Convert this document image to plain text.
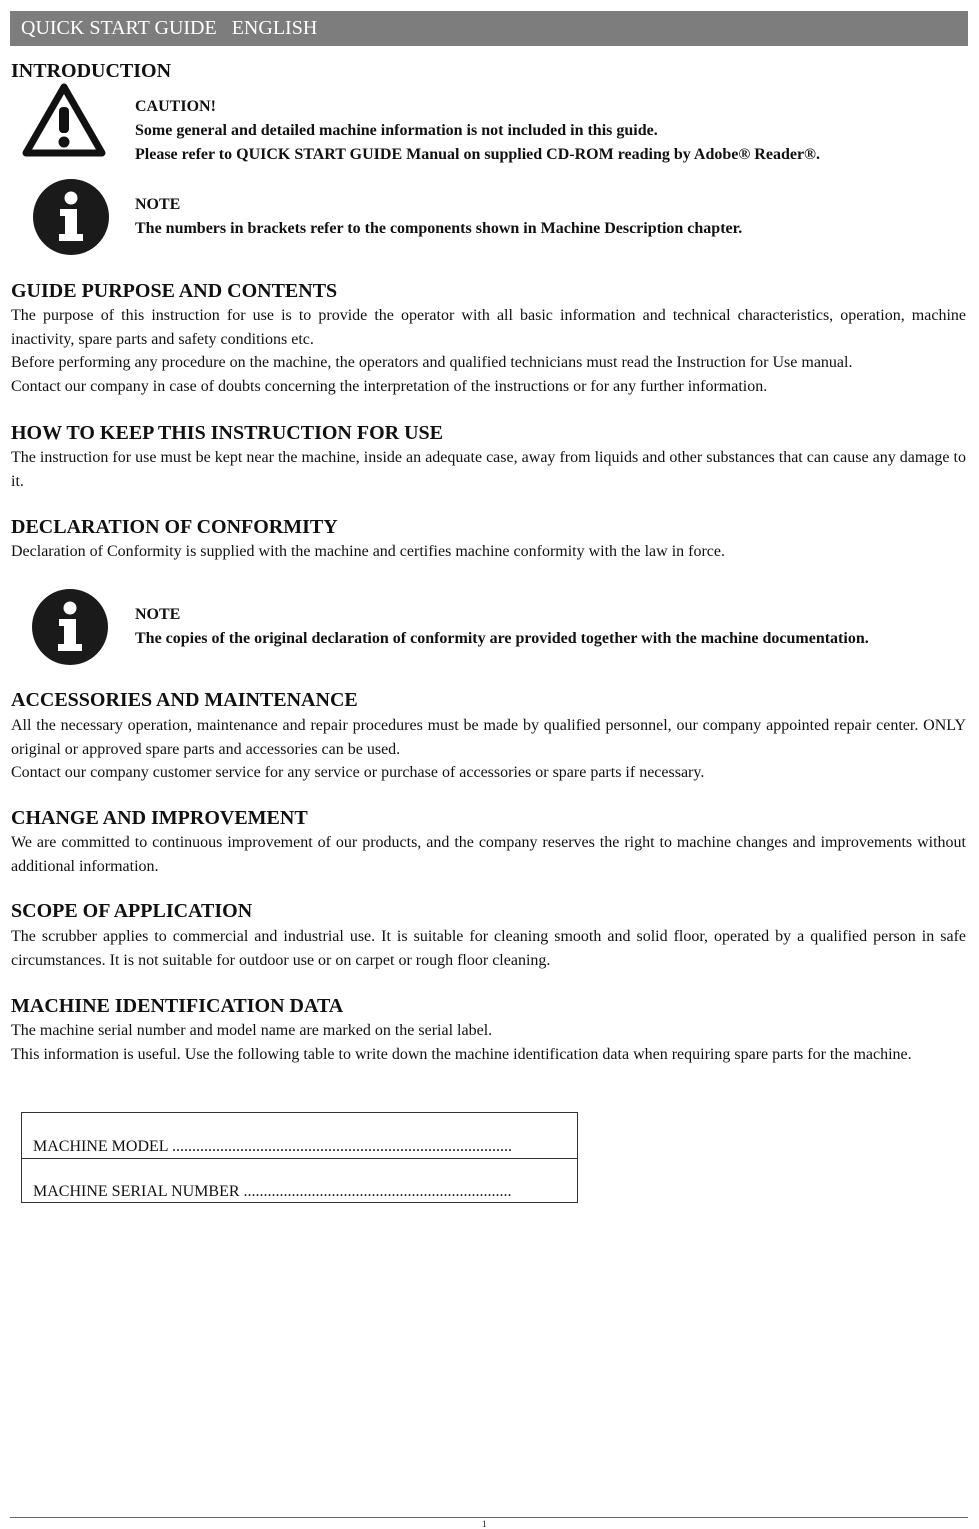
QUICK START GUIDE ENGLISH
INTRODUCTION
CAUTION!
Some general and detailed machine information is not included in this guide.
Please refer to QUICK START GUIDE Manual on supplied CD-ROM reading by Adobe® Reader®.
NOTE
The numbers in brackets refer to the components shown in Machine Description chapter.
GUIDE PURPOSE AND CONTENTS
The purpose of this instruction for use is to provide the operator with all basic information and technical characteristics, operation, machine inactivity, spare parts and safety conditions etc.
Before performing any procedure on the machine, the operators and qualified technicians must read the Instruction for Use manual.
Contact our company in case of doubts concerning the interpretation of the instructions or for any further information.
HOW TO KEEP THIS INSTRUCTION FOR USE
The instruction for use must be kept near the machine, inside an adequate case, away from liquids and other substances that can cause any damage to it.
DECLARATION OF CONFORMITY
Declaration of Conformity is supplied with the machine and certifies machine conformity with the law in force.
NOTE
The copies of the original declaration of conformity are provided together with the machine documentation.
ACCESSORIES AND MAINTENANCE
All the necessary operation, maintenance and repair procedures must be made by qualified personnel, our company appointed repair center. ONLY original or approved spare parts and accessories can be used.
Contact our company customer service for any service or purchase of accessories or spare parts if necessary.
CHANGE AND IMPROVEMENT
We are committed to continuous improvement of our products, and the company reserves the right to machine changes and improvements without additional information.
SCOPE OF APPLICATION
The scrubber applies to commercial and industrial use. It is suitable for cleaning smooth and solid floor, operated by a qualified person in safe circumstances. It is not suitable for outdoor use or on carpet or rough floor cleaning.
MACHINE IDENTIFICATION DATA
The machine serial number and model name are marked on the serial label.
This information is useful. Use the following table to write down the machine identification data when requiring spare parts for the machine.
MACHINE MODEL .....................................................................................
MACHINE SERIAL NUMBER ...................................................................
1
